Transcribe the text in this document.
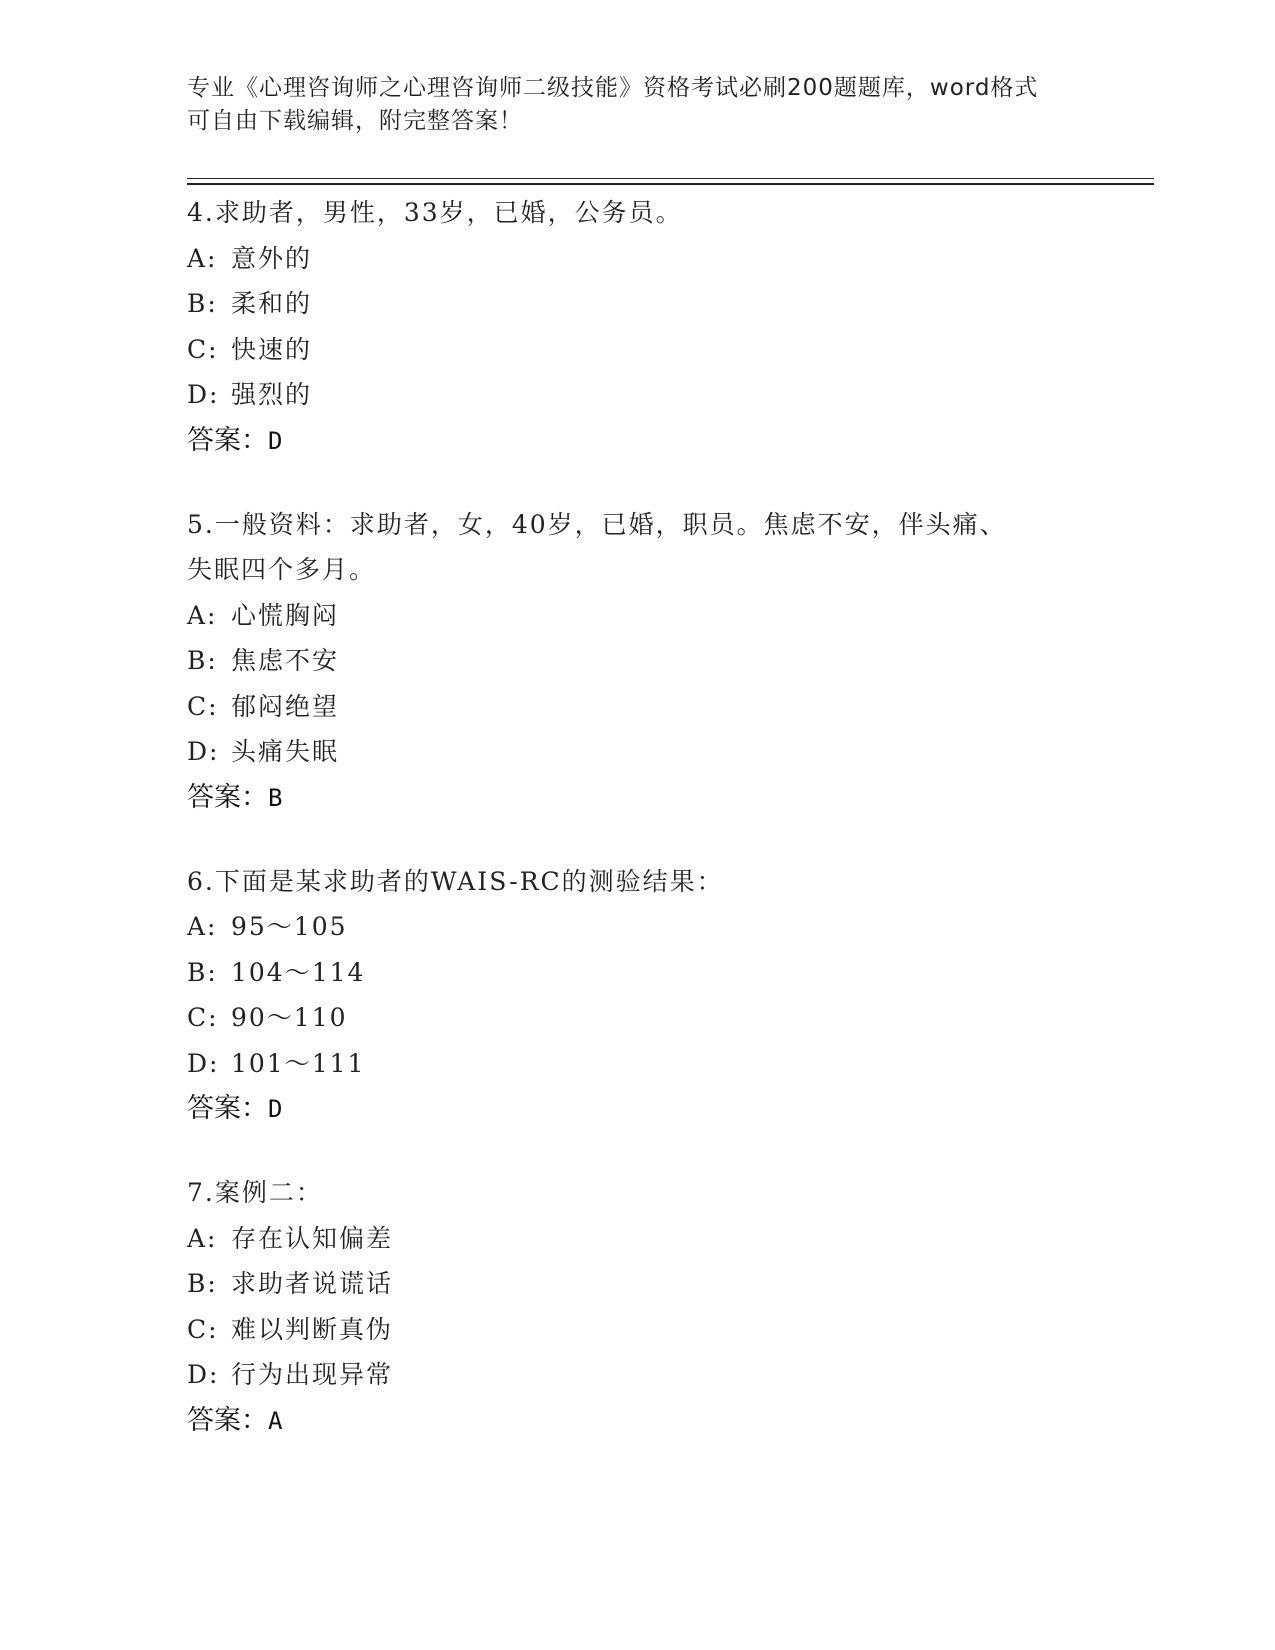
专业《心理咨询师之心理咨询师二级技能》资格考试必刷200题题库，word格式
可自由下载编辑，附完整答案！
4.求助者，男性，33岁，已婚，公务员。
A: 意外的
B: 柔和的
C: 快速的
D: 强烈的
答案：D
5.一般资料：求助者，女，40岁，已婚，职员。焦虑不安，伴头痛、
失眠四个多月。
A: 心慌胸闷
B: 焦虑不安
C: 郁闷绝望
D: 头痛失眠
答案：B
6.下面是某求助者的WAIS-RC的测验结果：
A: 95～105
B: 104～114
C: 90～110
D: 101～111
答案：D
7.案例二：
A: 存在认知偏差
B: 求助者说谎话
C: 难以判断真伪
D: 行为出现异常
答案：A
